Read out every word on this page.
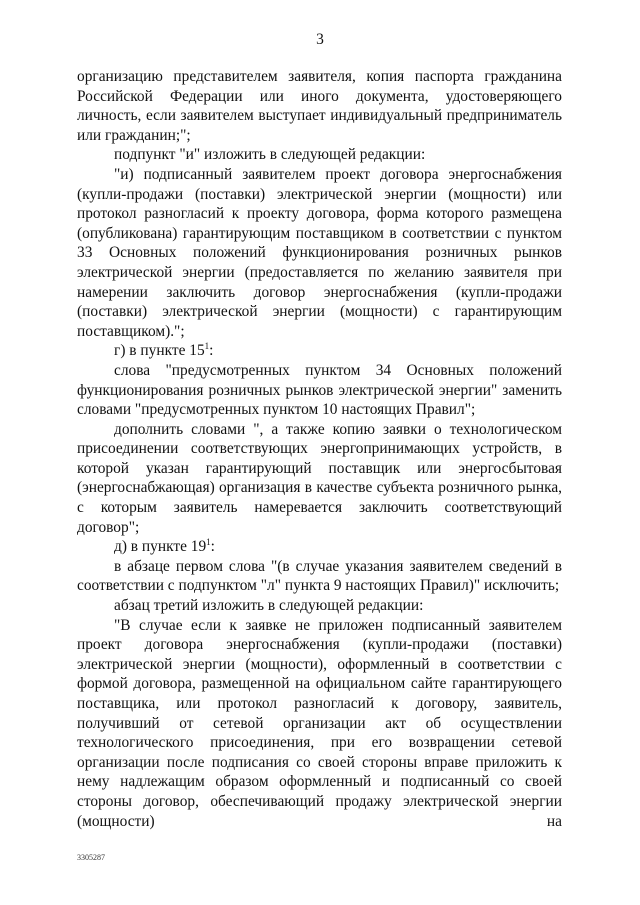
3

организацию представителем заявителя, копия паспорта гражданина Российской Федерации или иного документа, удостоверяющего личность, если заявителем выступает индивидуальный предприниматель или гражданин;";

подпункт "и" изложить в следующей редакции:

"и) подписанный заявителем проект договора энергоснабжения (купли-продажи (поставки) электрической энергии (мощности) или протокол разногласий к проекту договора, форма которого размещена (опубликована) гарантирующим поставщиком в соответствии с пунктом 33 Основных положений функционирования розничных рынков электрической энергии (предоставляется по желанию заявителя при намерении заключить договор энергоснабжения (купли-продажи (поставки) электрической энергии (мощности) с гарантирующим поставщиком).";

г) в пункте $15^1$:

слова "предусмотренных пунктом 34 Основных положений функционирования розничных рынков электрической энергии" заменить словами "предусмотренных пунктом 10 настоящих Правил";

дополнить словами ", а также копию заявки о технологическом присоединении соответствующих энергопринимающих устройств, в которой указан гарантирующий поставщик или энергосбытовая (энергоснабжающая) организация в качестве субъекта розничного рынка, с которым заявитель намеревается заключить соответствующий договор";

д) в пункте $19^1$:

в абзаце первом слова "(в случае указания заявителем сведений в соответствии с подпунктом "л" пункта 9 настоящих Правил)" исключить;

абзац третий изложить в следующей редакции:

"В случае если к заявке не приложен подписанный заявителем проект договора энергоснабжения (купли-продажи (поставки) электрической энергии (мощности), оформленный в соответствии с формой договора, размещенной на официальном сайте гарантирующего поставщика, или протокол разногласий к договору, заявитель, получивший от сетевой организации акт об осуществлении технологического присоединения, при его возвращении сетевой организации после подписания со своей стороны вправе приложить к нему надлежащим образом оформленный и подписанный со своей стороны договор, обеспечивающий продажу электрической энергии (мощности) на

3305287
